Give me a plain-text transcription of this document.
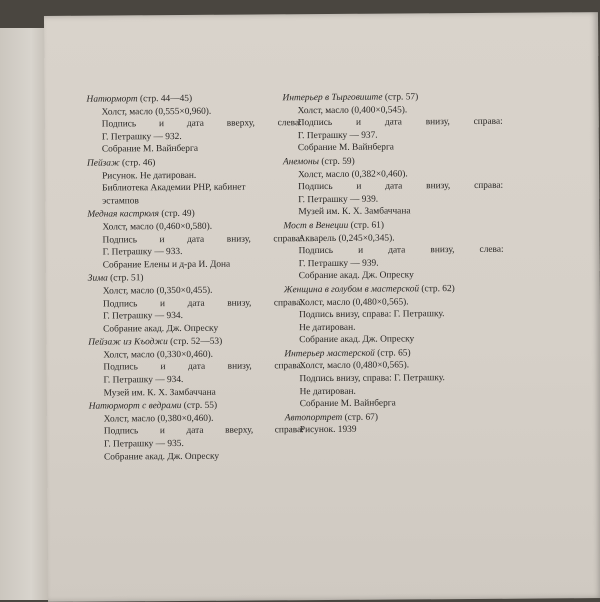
Натюрморт (стр. 44—45)
Холст, масло (0,555×0,960).
Подпись и дата вверху, слева:
Г. Петрашку — 932.
Собрание М. Вайнберга
Пейзаж (стр. 46)
Рисунок. Не датирован.
Библиотека Академии РНР, кабинет
эстампов
Медная кастрюля (стр. 49)
Холст, масло (0,460×0,580).
Подпись и дата внизу, справа:
Г. Петрашку — 933.
Собрание Елены и д-ра И. Дона
Зима (стр. 51)
Холст, масло (0,350×0,455).
Подпись и дата внизу, справа:
Г. Петрашку — 934.
Собрание акад. Дж. Опреску
Пейзаж из Къоджи (стр. 52—53)
Холст, масло (0,330×0,460).
Подпись и дата внизу, справа:
Г. Петрашку — 934.
Музей им. К. Х. Замбаччана
Натюрморт с ведрами (стр. 55)
Холст, масло (0,380×0,460).
Подпись и дата вверху, справа:
Г. Петрашку — 935.
Собрание акад. Дж. Опреску
Интерьер в Тырговиште (стр. 57)
Холст, масло (0,400×0,545).
Подпись и дата внизу, справа:
Г. Петрашку — 937.
Собрание М. Вайнберга
Анемоны (стр. 59)
Холст, масло (0,382×0,460).
Подпись и дата внизу, справа:
Г. Петрашку — 939.
Музей им. К. Х. Замбаччана
Мост в Венеции (стр. 61)
Акварель (0,245×0,345).
Подпись и дата внизу, слева:
Г. Петрашку — 939.
Собрание акад. Дж. Опреску
Женщина в голубом в мастерской (стр. 62)
Холст, масло (0,480×0,565).
Подпись внизу, справа: Г. Петрашку.
Не датирован.
Собрание акад. Дж. Опреску
Интерьер мастерской (стр. 65)
Холст, масло (0,480×0,565).
Подпись внизу, справа: Г. Петрашку.
Не датирован.
Собрание М. Вайнберга
Автопортрет (стр. 67)
Рисунок. 1939
